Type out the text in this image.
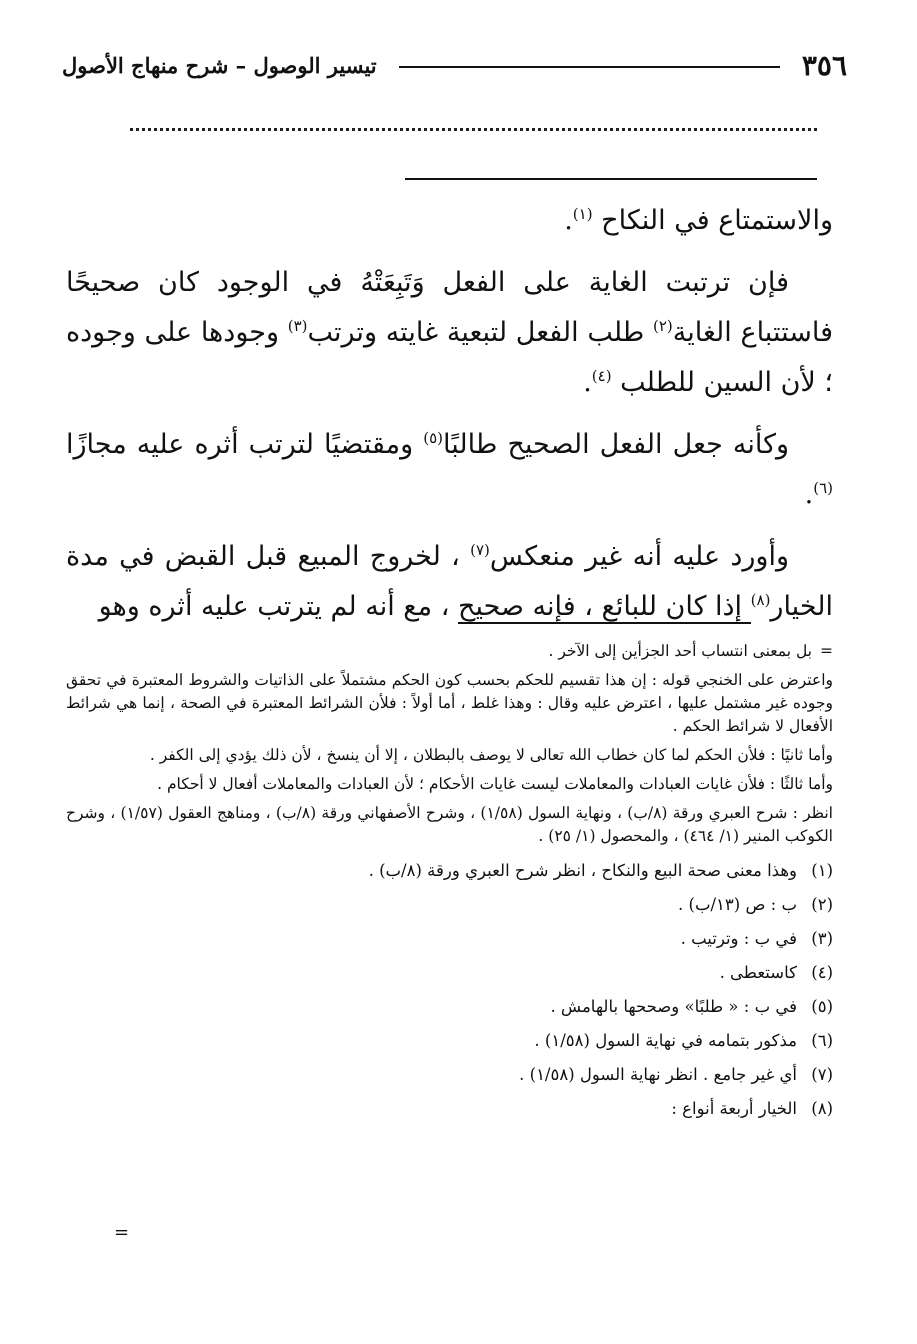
٣٥٦
تيسير الوصول – شرح منهاج الأصول

والاستمتاع في النكاح $^{(١)}$.

فإن ترتبت الغاية على الفعل وَتَبِعَتْهُ في الوجود كان صحيحًا فاستتباع الغاية$^{(٢)}$ طلب الفعل لتبعية غايته وترتب$^{(٣)}$ وجودها على وجوده ؛ لأن السين للطلب $^{(٤)}$.

وكأنه جعل الفعل الصحيح طالبًا$^{(٥)}$ ومقتضيًا لترتب أثره عليه مجازًا $^{(٦)}$.

وأورد عليه أنه غير منعكس$^{(٧)}$ ، لخروج المبيع قبل القبض في مدة الخيار$^{(٨)}$ إذا كان للبائع ، فإنه صحيح ، مع أنه لم يترتب عليه أثره وهو

=بل بمعنى انتساب أحد الجزأين إلى الآخر .

واعترض على الخنجي قوله : إن هذا تقسيم للحكم بحسب كون الحكم مشتملاً على الذاتيات والشروط المعتبرة في تحقق وجوده غير مشتمل عليها ، اعترض عليه وقال : وهذا غلط ، أما أولاً : فلأن الشرائط المعتبرة في الصحة ، إنما هي شرائط الأفعال لا شرائط الحكم .

وأما ثانيًا : فلأن الحكم لما كان خطاب الله تعالى لا يوصف بالبطلان ، إلا أن ينسخ ، لأن ذلك يؤدي إلى الكفر .

وأما ثالثًا : فلأن غايات العبادات والمعاملات ليست غايات الأحكام ؛ لأن العبادات والمعاملات أفعال لا أحكام .

انظر : شرح العبري ورقة (٨/ب) ، ونهاية السول (١/٥٨) ، وشرح الأصفهاني ورقة (٨/ب) ، ومناهج العقول (١/٥٧) ، وشرح الكوكب المنير (١/ ٤٦٤) ، والمحصول (١/ ٢٥) .

(١)وهذا معنى صحة البيع والنكاح ، انظر شرح العبري ورقة (٨/ب) .
(٢)ب : ص (١٣/ب) .
(٣)في ب : وترتيب .
(٤)كاستعطى .
(٥)في ب : « طلبًا» وصححها بالهامش .
(٦)مذكور بتمامه في نهاية السول (١/٥٨) .
(٧)أي غير جامع . انظر نهاية السول (١/٥٨) .
(٨)الخيار أربعة أنواع :
=
